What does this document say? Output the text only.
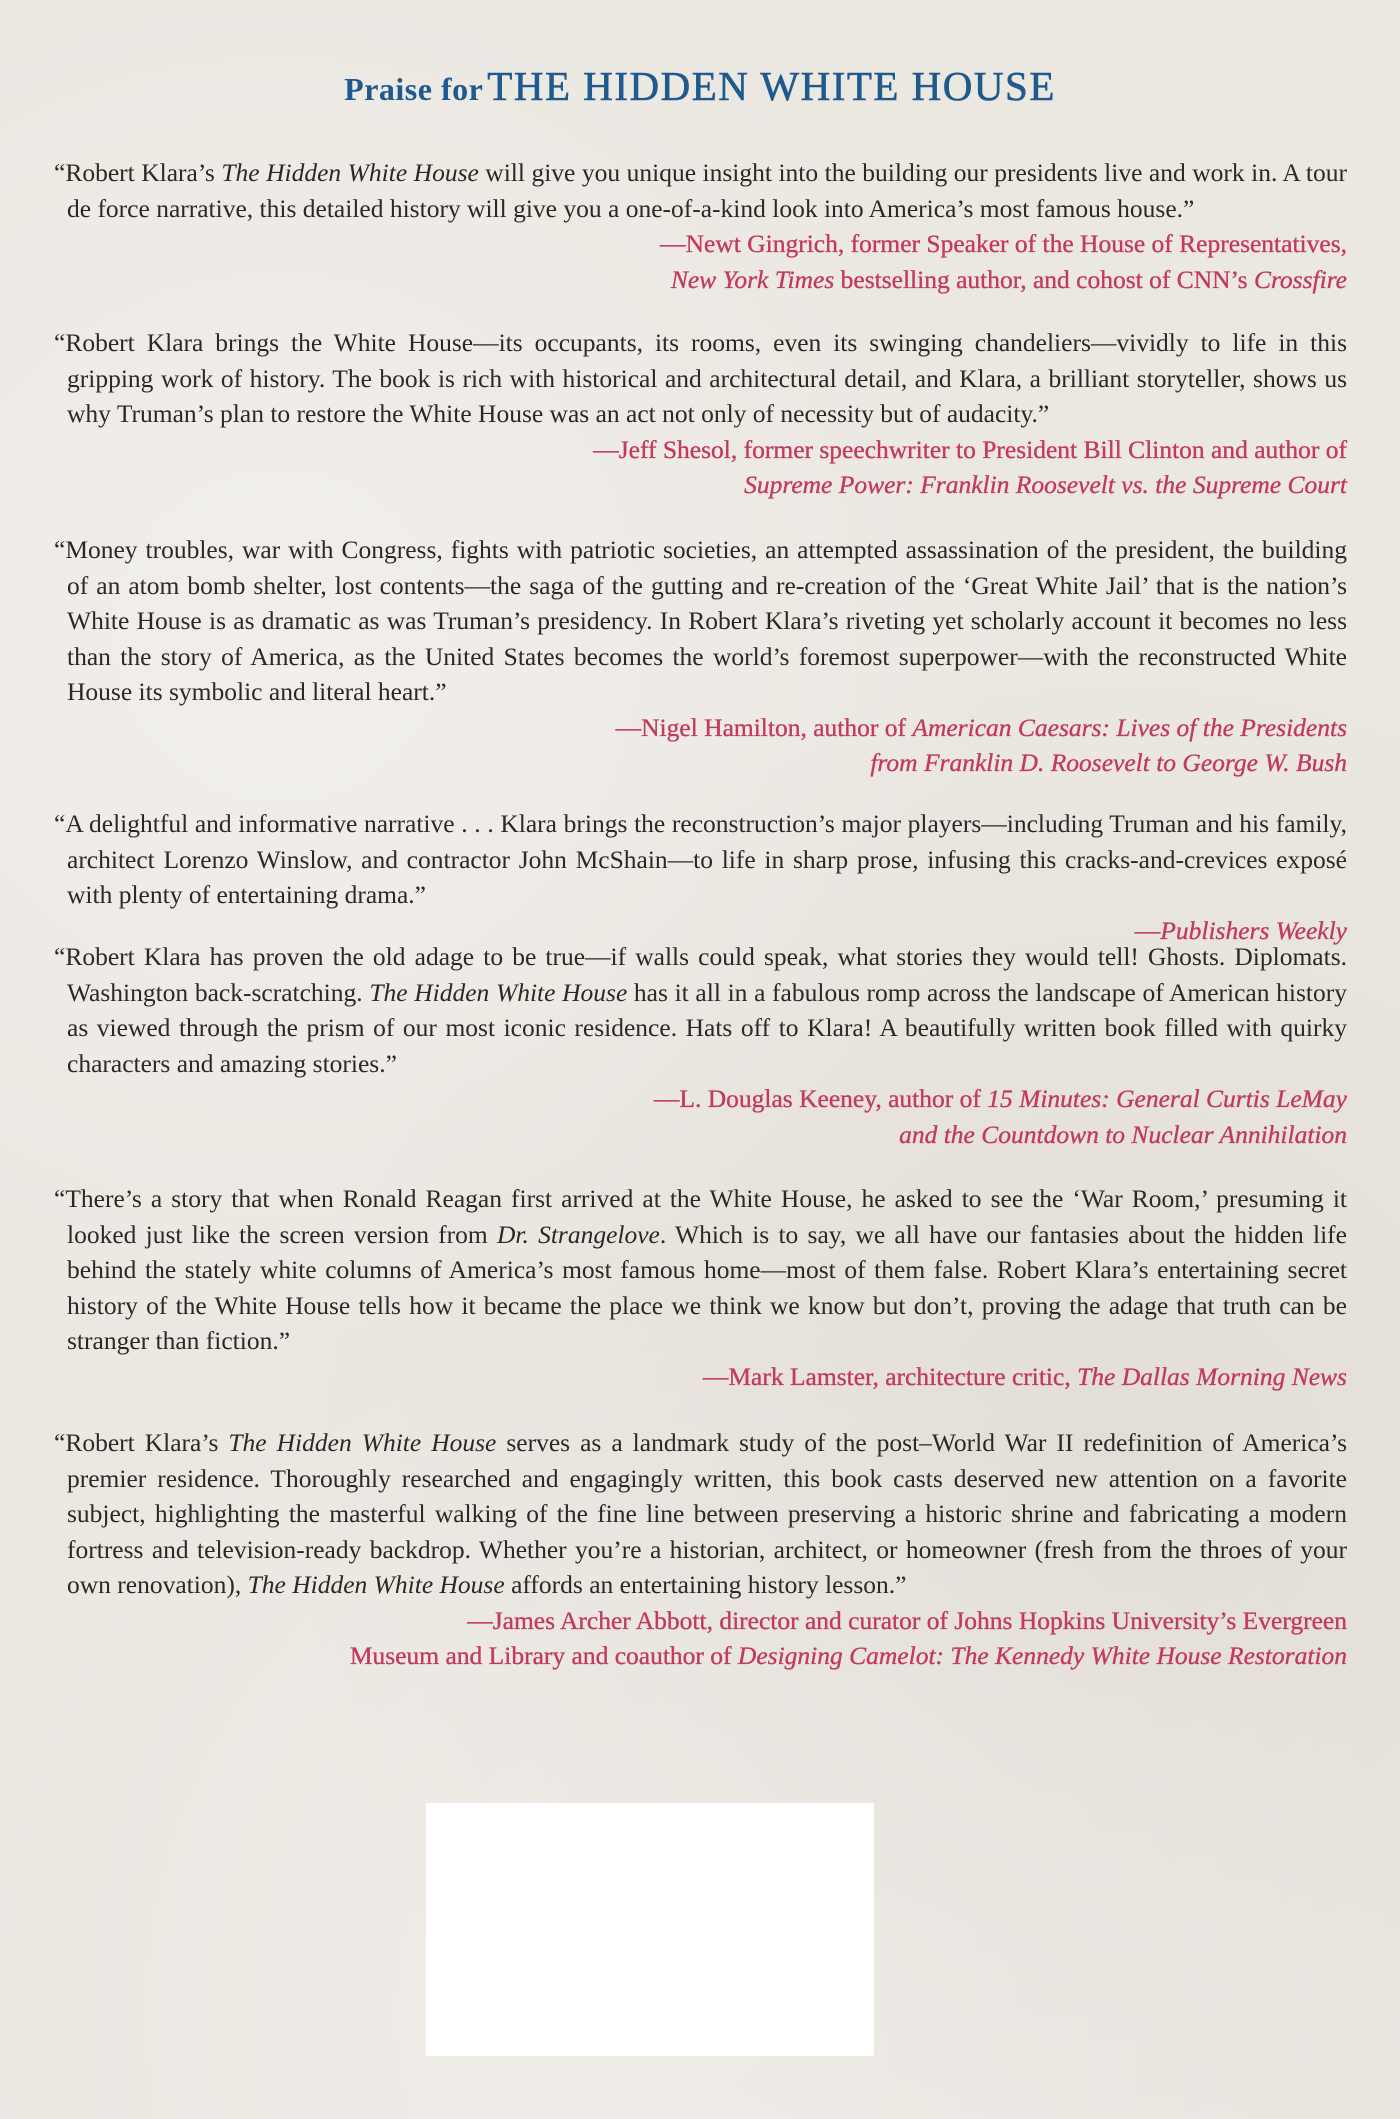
Praise for THE HIDDEN WHITE HOUSE

“Robert Klara’s The Hidden White House will give you unique insight into the building our presidents live and work in. A tour de force narrative, this detailed history will give you a one-of-a-kind look into America’s most famous house.”

—Newt Gingrich, former Speaker of the House of Representatives,
New York Times bestselling author, and cohost of CNN’s Crossfire

“Robert Klara brings the White House—its occupants, its rooms, even its swinging chandeliers—vividly to life in this gripping work of history. The book is rich with historical and architectural detail, and Klara, a brilliant storyteller, shows us why Truman’s plan to restore the White House was an act not only of necessity but of audacity.”

—Jeff Shesol, former speechwriter to President Bill Clinton and author of
Supreme Power: Franklin Roosevelt vs. the Supreme Court

“Money troubles, war with Congress, fights with patriotic societies, an attempted assassination of the president, the building of an atom bomb shelter, lost contents—the saga of the gutting and re-creation of the ‘Great White Jail’ that is the nation’s White House is as dramatic as was Truman’s presidency. In Robert Klara’s riveting yet scholarly account it becomes no less than the story of America, as the United States becomes the world’s foremost superpower—with the reconstructed White House its symbolic and literal heart.”

—Nigel Hamilton, author of American Caesars: Lives of the Presidents
from Franklin D. Roosevelt to George W. Bush

“A delightful and informative narrative . . . Klara brings the reconstruction’s major players—including Truman and his family, architect Lorenzo Winslow, and contractor John McShain—to life in sharp prose, infusing this cracks-and-crevices exposé with plenty of entertaining drama.”

—Publishers Weekly

“Robert Klara has proven the old adage to be true—if walls could speak, what stories they would tell! Ghosts. Diplomats. Washington back-scratching. The Hidden White House has it all in a fabulous romp across the landscape of American history as viewed through the prism of our most iconic residence. Hats off to Klara! A beautifully written book filled with quirky characters and amazing stories.”

—L. Douglas Keeney, author of 15 Minutes: General Curtis LeMay
and the Countdown to Nuclear Annihilation

“There’s a story that when Ronald Reagan first arrived at the White House, he asked to see the ‘War Room,’ presuming it looked just like the screen version from Dr. Strangelove. Which is to say, we all have our fantasies about the hidden life behind the stately white columns of America’s most famous home—most of them false. Robert Klara’s entertaining secret history of the White House tells how it became the place we think we know but don’t, proving the adage that truth can be stranger than fiction.”

—Mark Lamster, architecture critic, The Dallas Morning News

“Robert Klara’s The Hidden White House serves as a landmark study of the post–World War II redefinition of America’s premier residence. Thoroughly researched and engagingly written, this book casts deserved new attention on a favorite subject, highlighting the masterful walking of the fine line between preserving a historic shrine and fabricating a modern fortress and television-ready backdrop. Whether you’re a historian, architect, or homeowner (fresh from the throes of your own renovation), The Hidden White House affords an entertaining history lesson.”

—James Archer Abbott, director and curator of Johns Hopkins University’s Evergreen
Museum and Library and coauthor of Designing Camelot: The Kennedy White House Restoration
